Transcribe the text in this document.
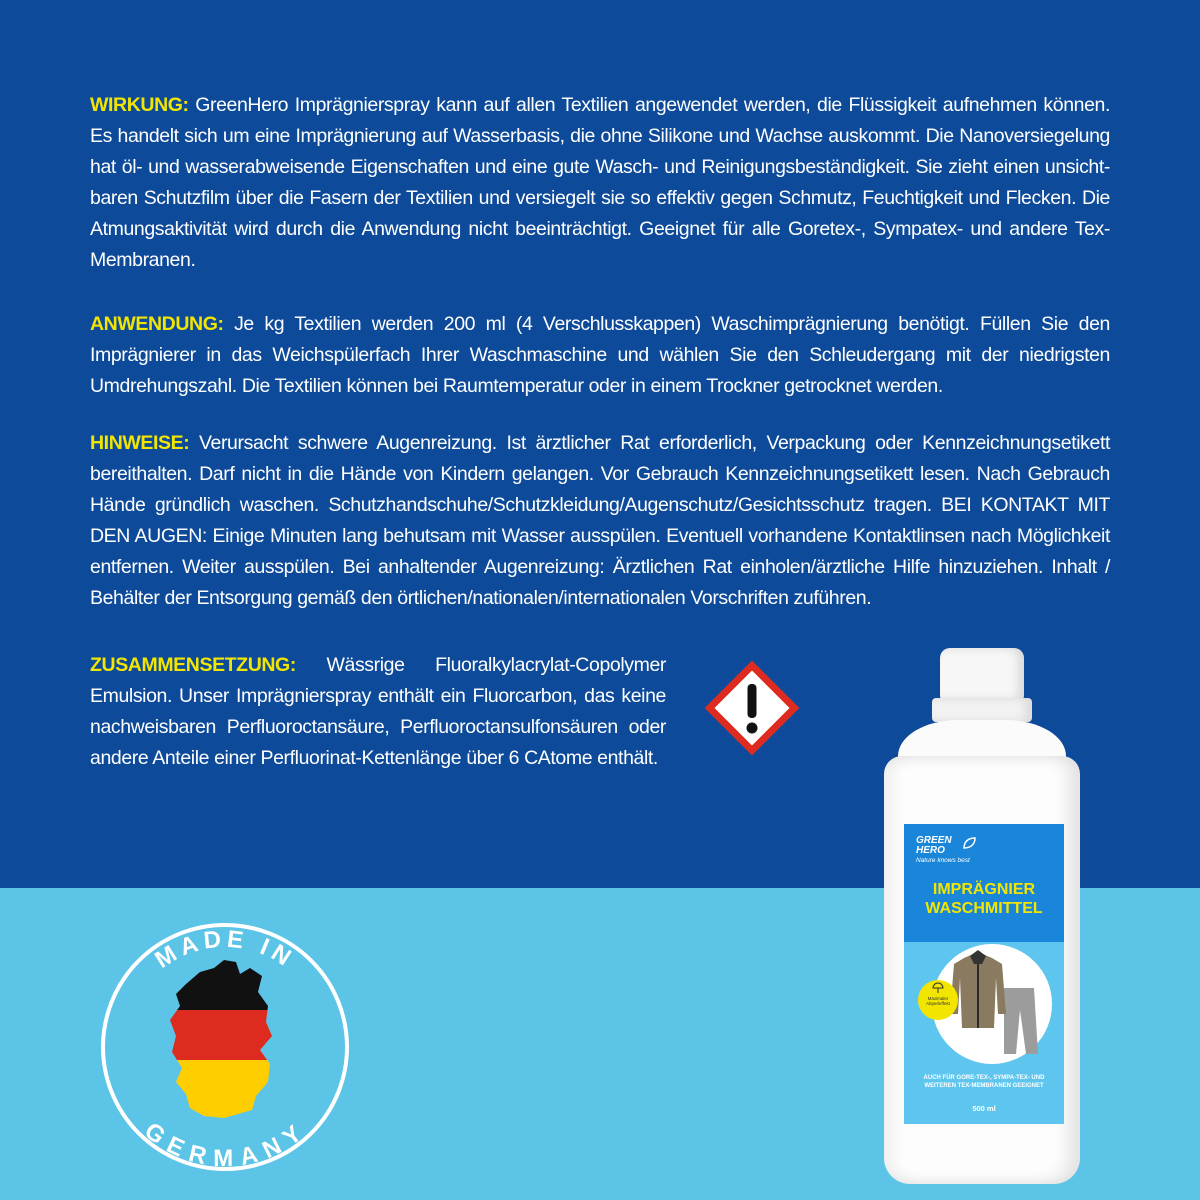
WIRKUNG: GreenHero Imprägnierspray kann auf allen Textilien angewendet werden, die Flüssigkeit aufnehmen können. Es handelt sich um eine Imprägnierung auf Wasserbasis, die ohne Silikone und Wachse auskommt. Die Nanoversiegelung hat öl- und wasserabweisende Eigenschaften und eine gute Wasch- und Reinigungsbeständigkeit. Sie zieht einen unsicht-baren Schutzfilm über die Fasern der Textilien und versiegelt sie so effektiv gegen Schmutz, Feuchtigkeit und Flecken. Die Atmungsaktivität wird durch die Anwendung nicht beeinträchtigt. Geeignet für alle Goretex-, Sympatex- und andere Tex-Membranen.
ANWENDUNG: Je kg Textilien werden 200 ml (4 Verschlusskappen) Waschimprägnierung benötigt. Füllen Sie den Imprägnierer in das Weichspülerfach Ihrer Waschmaschine und wählen Sie den Schleudergang mit der niedrigsten Umdrehungszahl. Die Textilien können bei Raumtemperatur oder in einem Trockner getrocknet werden.
HINWEISE: Verursacht schwere Augenreizung. Ist ärztlicher Rat erforderlich, Verpackung oder Kennzeichnungsetikett bereithalten. Darf nicht in die Hände von Kindern gelangen. Vor Gebrauch Kennzeichnungsetikett lesen. Nach Gebrauch Hände gründlich waschen. Schutzhandschuhe/Schutzkleidung/Augenschutz/Gesichtsschutz tragen. BEI KONTAKT MIT DEN AUGEN: Einige Minuten lang behutsam mit Wasser ausspülen. Eventuell vorhandene Kontaktlinsen nach Möglichkeit entfernen. Weiter ausspülen. Bei anhaltender Augenreizung: Ärztlichen Rat einholen/ärztliche Hilfe hinzuziehen. Inhalt / Behälter der Entsorgung gemäß den örtlichen/nationalen/internationalen Vorschriften zuführen.
ZUSAMMENSETZUNG: Wässrige Fluoralkylacrylat-Copolymer Emulsion. Unser Imprägnierspray enthält ein Fluorcarbon, das keine nachweisbaren Perfluoroctansäure, Perfluoroctansulfonsäuren oder andere Anteile einer Perfluorinat-Kettenlänge über 6 CAtome enthält.
MADE IN
GERMANY
GREEN
HERO
Nature knows best
IMPRÄGNIER
WASCHMITTEL
Maximaler Abperleffekt
AUCH FÜR GORE-TEX-, SYMPA-TEX- UND
WEITEREN TEX-MEMBRANEN GEEIGNET
500 ml
